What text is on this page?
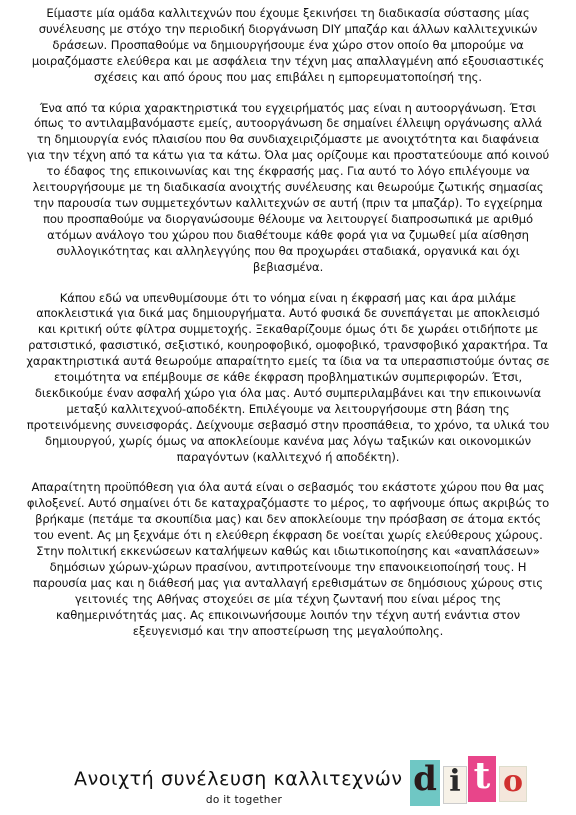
Είμαστε μία ομάδα καλλιτεχνών που έχουμε ξεκινήσει τη διαδικασία σύστασης μίας συνέλευσης με στόχο την περιοδική διοργάνωση DIY μπαζάρ και άλλων καλλιτεχνικών δράσεων. Προσπαθούμε να δημιουργήσουμε ένα χώρο στον οποίο θα μπορούμε να μοιραζόμαστε ελεύθερα και με ασφάλεια την τέχνη μας απαλλαγμένη από εξουσιαστικές σχέσεις και από όρους που μας επιβάλει η εμπορευματοποίησή της.

Ένα από τα κύρια χαρακτηριστικά του εγχειρήματός μας είναι η αυτοοργάνωση. Έτσι όπως το αντιλαμβανόμαστε εμείς, αυτοοργάνωση δε σημαίνει έλλειψη οργάνωσης αλλά τη δημιουργία ενός πλαισίου που θα συνδιαχειριζόμαστε με ανοιχτότητα και διαφάνεια για την τέχνη από τα κάτω για τα κάτω. Όλα μας ορίζουμε και προστατεύουμε από κοινού το έδαφος της επικοινωνίας και της έκφρασής μας. Για αυτό το λόγο επιλέγουμε να λειτουργήσουμε με τη διαδικασία ανοιχτής συνέλευσης και θεωρούμε ζωτικής σημασίας την παρουσία των συμμετεχόντων καλλιτεχνών σε αυτή (πριν τα μπαζάρ). Το εγχείρημα που προσπαθούμε να διοργανώσουμε θέλουμε να λειτουργεί διαπροσωπικά με αριθμό ατόμων ανάλογο του χώρου που διαθέτουμε κάθε φορά για να ζυμωθεί μία αίσθηση συλλογικότητας και αλληλεγγύης που θα προχωράει σταδιακά, οργανικά και όχι βεβιασμένα.

Κάπου εδώ να υπενθυμίσουμε ότι το νόημα είναι η έκφρασή μας και άρα μιλάμε αποκλειστικά για δικά μας δημιουργήματα. Αυτό φυσικά δε συνεπάγεται με αποκλεισμό και κριτική ούτε φίλτρα συμμετοχής. Ξεκαθαρίζουμε όμως ότι δε χωράει οτιδήποτε με ρατσιστικό, φασιστικό, σεξιστικό, κουηροφοβικό, ομοφοβικό, τρανσφοβικό χαρακτήρα. Τα χαρακτηριστικά αυτά θεωρούμε απαραίτητο εμείς τα ίδια να τα υπερασπιστούμε όντας σε ετοιμότητα να επέμβουμε σε κάθε έκφραση προβληματικών συμπεριφορών. Έτσι, διεκδικούμε έναν ασφαλή χώρο για όλα μας. Αυτό συμπεριλαμβάνει και την επικοινωνία μεταξύ καλλιτεχνού-αποδέκτη. Επιλέγουμε να λειτουργήσουμε στη βάση της προτεινόμενης συνεισφοράς. Δείχνουμε σεβασμό στην προσπάθεια, το χρόνο, τα υλικά του δημιουργού, χωρίς όμως να αποκλείουμε κανένα μας λόγω ταξικών και οικονομικών παραγόντων (καλλιτεχνό ή αποδέκτη).

Απαραίτητη προϋπόθεση για όλα αυτά είναι ο σεβασμός του εκάστοτε χώρου που θα μας φιλοξενεί. Αυτό σημαίνει ότι δε καταχραζόμαστε το μέρος, το αφήνουμε όπως ακριβώς το βρήκαμε (πετάμε τα σκουπίδια μας) και δεν αποκλείουμε την πρόσβαση σε άτομα εκτός του event. Ας μη ξεχνάμε ότι η ελεύθερη έκφραση δε νοείται χωρίς ελεύθερους χώρους. Στην πολιτική εκκενώσεων καταλήψεων καθώς και ιδιωτικοποίησης και «αναπλάσεων» δημόσιων χώρων-χώρων πρασίνου, αντιπροτείνουμε την επανοικειοποίησή τους. Η παρουσία μας και η διάθεσή μας για ανταλλαγή ερεθισμάτων σε δημόσιους χώρους στις γειτονιές της Αθήνας στοχεύει σε μία τέχνη ζωντανή που είναι μέρος της καθημερινότητάς μας. Ας επικοινωνήσουμε λοιπόν την τέχνη αυτή ενάντια στον εξευγενισμό και την αποστείρωση της μεγαλούπολης.

Ανοιχτή συνέλευση καλλιτεχνών
do it together
d i t o
